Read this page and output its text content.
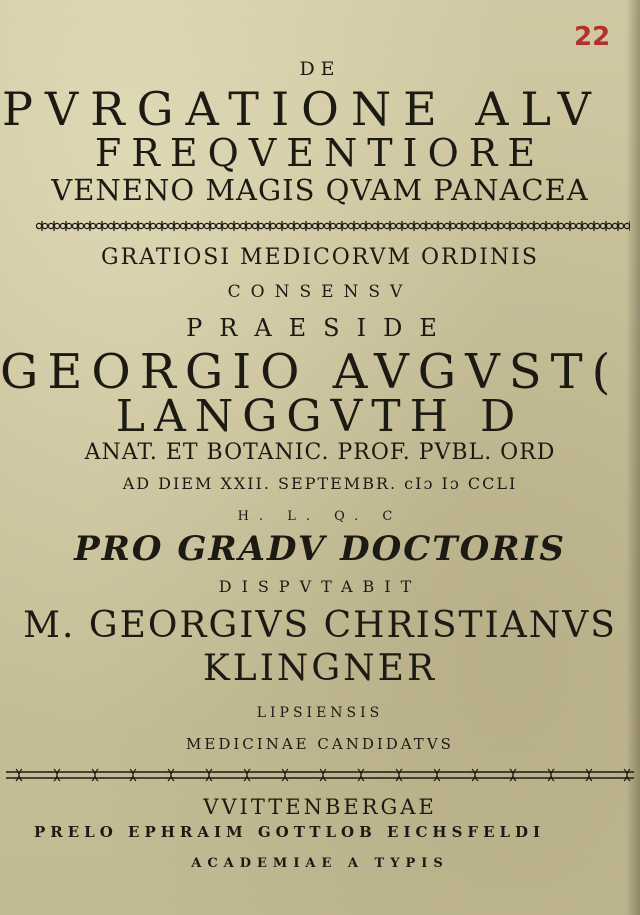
22
DE
PVRGATIONE ALV
FREQVENTIORE
VENENO MAGIS QVAM PANACEA
GRATIOSI MEDICORVM ORDINIS
CONSENSV
PRAESIDE
GEORGIO AVGVST(
LANGGVTH D
ANAT. ET BOTANIC. PROF. PVBL. ORD
AD DIEM XXII. SEPTEMBR. cIɔ Iɔ CCLI
H. L. Q. C
PRO GRADV DOCTORIS
DISPVTABIT
M. GEORGIVS CHRISTIANVS
KLINGNER
LIPSIENSIS
MEDICINAE CANDIDATVS
VVITTENBERGAE
PRELO EPHRAIM GOTTLOB EICHSFELDI
ACADEMIAE A TYPIS
